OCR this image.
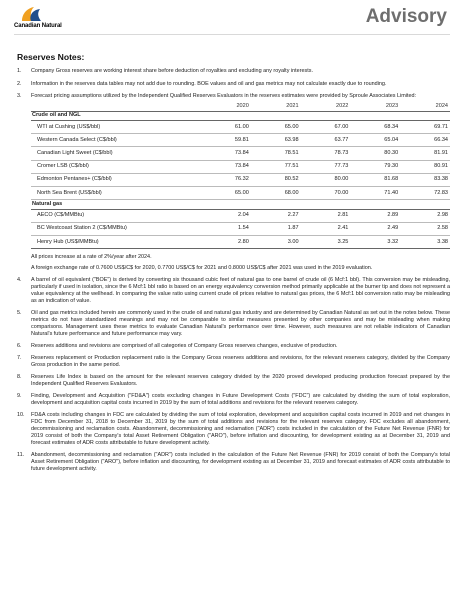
Canadian Natural	Advisory
Reserves Notes:
1.	Company Gross reserves are working interest share before deduction of royalties and excluding any royalty interests.
2.	Information in the reserves data tables may not add due to rounding. BOE values and oil and gas metrics may not calculate exactly due to rounding.
3.	Forecast pricing assumptions utilized by the Independent Qualified Reserves Evaluators in the reserves estimates were provided by Sproule Associates Limited:
	2020	2021	2022	2023	2024
Crude oil and NGL					
WTI at Cushing (US$/bbl)	61.00	65.00	67.00	68.34	69.71
Western Canada Select (C$/bbl)	59.81	63.98	63.77	65.04	66.34
Canadian Light Sweet (C$/bbl)	73.84	78.51	78.73	80.30	81.91
Cromer LSB (C$/bbl)	73.84	77.51	77.73	79.30	80.91
Edmonton Pentanes+ (C$/bbl)	76.32	80.52	80.00	81.68	83.38
North Sea Brent (US$/bbl)	65.00	68.00	70.00	71.40	72.83
Natural gas					
AECO (C$/MMBtu)	2.04	2.27	2.81	2.89	2.98
BC Westcoast Station 2 (C$/MMBtu)	1.54	1.87	2.41	2.49	2.58
Henry Hub (US$/MMBtu)	2.80	3.00	3.25	3.32	3.38
All prices increase at a rate of 2%/year after 2024.
A foreign exchange rate of 0.7600 US$/C$ for 2020, 0.7700 US$/C$ for 2021 and 0.8000 US$/C$ after 2021 was used in the 2019 evaluation.
4.	A barrel of oil equivalent ("BOE") is derived by converting six thousand cubic feet of natural gas to one barrel of crude oil (6 Mcf:1 bbl). This conversion may be misleading, particularly if used in isolation, since the 6 Mcf:1 bbl ratio is based on an energy equivalency conversion method primarily applicable at the burner tip and does not represent a value equivalency at the wellhead. In comparing the value ratio using current crude oil prices relative to natural gas prices, the 6 Mcf:1 bbl conversion ratio may be misleading as an indication of value.
5.	Oil and gas metrics included herein are commonly used in the crude oil and natural gas industry and are determined by Canadian Natural as set out in the notes below. These metrics do not have standardized meanings and may not be comparable to similar measures presented by other companies and may be misleading when making comparisons. Management uses these metrics to evaluate Canadian Natural's performance over time. However, such measures are not reliable indicators of Canadian Natural's future performance and future performance may vary.
6.	Reserves additions and revisions are comprised of all categories of Company Gross reserves changes, exclusive of production.
7.	Reserves replacement or Production replacement ratio is the Company Gross reserves additions and revisions, for the relevant reserves category, divided by the Company Gross production in the same period.
8.	Reserves Life Index is based on the amount for the relevant reserves category divided by the 2020 proved developed producing production forecast prepared by the Independent Qualified Reserves Evaluators.
9.	Finding, Development and Acquisition ("FD&A") costs excluding changes in Future Development Costs ("FDC") are calculated by dividing the sum of total exploration, development and acquisition capital costs incurred in 2019 by the sum of total additions and revisions for the relevant reserves category.
10.	FD&A costs including changes in FDC are calculated by dividing the sum of total exploration, development and acquisition capital costs incurred in 2019 and net changes in FDC from December 31, 2018 to December 31, 2019 by the sum of total additions and revisions for the relevant reserves category. FDC excludes all abandonment, decommissioning and reclamation costs. Abandonment, decommissioning and reclamation ("ADR") costs included in the calculation of the Future Net Revenue (FNR) for 2019 consist of both the Company's total Asset Retirement Obligation ("ARO"), before inflation and discounting, for development existing as at December 31, 2019 and forecast estimates of ADR costs attributable to future development activity.
11.	Abandonment, decommissioning and reclamation ("ADR") costs included in the calculation of the Future Net Revenue (FNR) for 2019 consist of both the Company's total Asset Retirement Obligation ("ARO"), before inflation and discounting, for development existing as at December 31, 2019 and forecast estimates of ADR costs attributable to future development activity.
